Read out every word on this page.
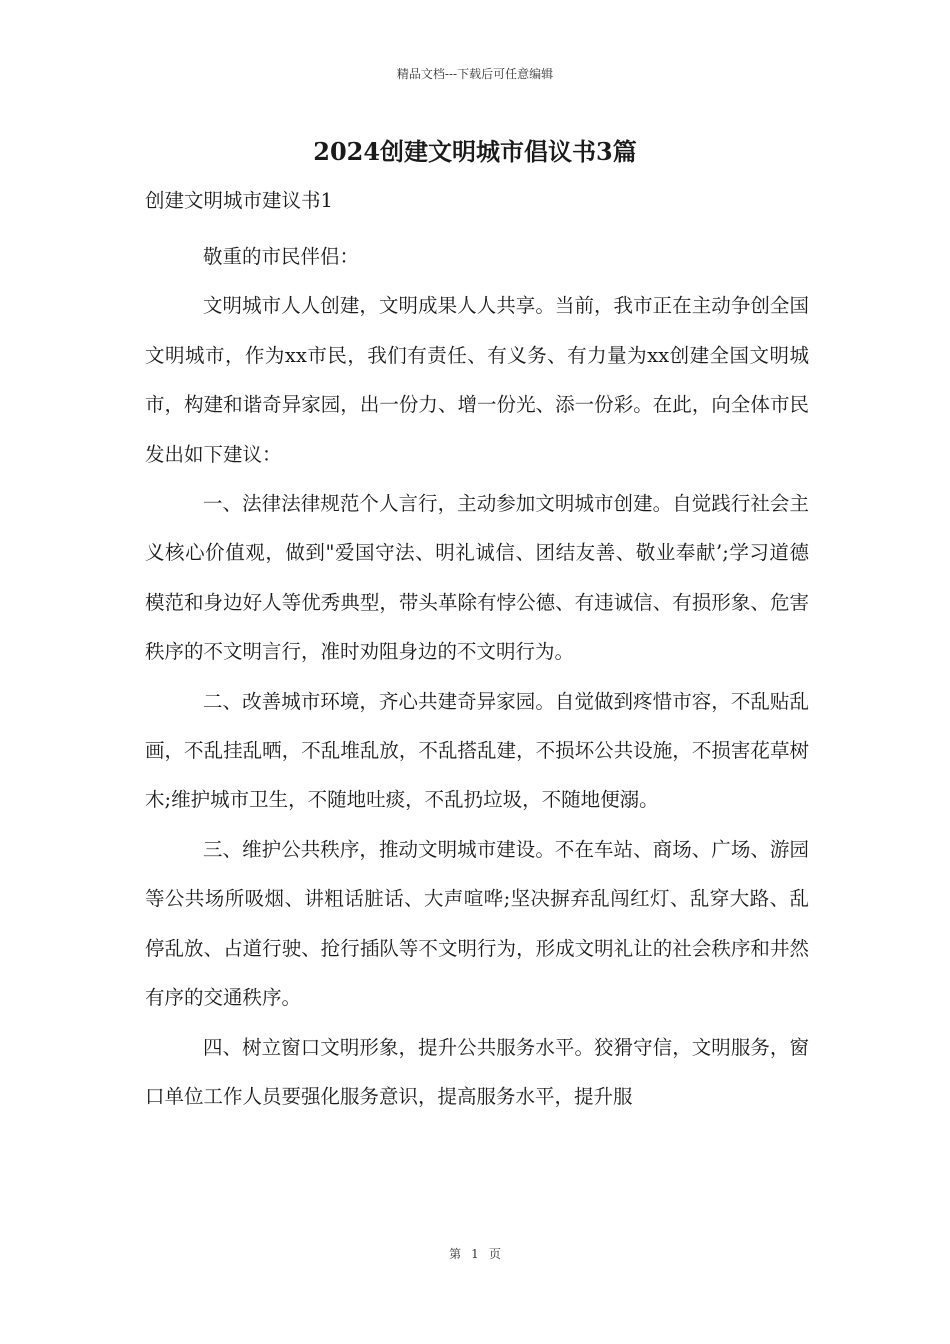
精品文档---下载后可任意编辑
2024创建文明城市倡议书3篇
创建文明城市建议书1

敬重的市民伴侣：

文明城市人人创建，文明成果人人共享。当前，我市正在主动争创全国文明城市，作为xx市民，我们有责任、有义务、有力量为xx创建全国文明城市，构建和谐奇异家园，出一份力、增一份光、添一份彩。在此，向全体市民发出如下建议：

一、法律法律规范个人言行，主动参加文明城市创建。自觉践行社会主义核心价值观，做到"爱国守法、明礼诚信、团结友善、敬业奉献’;学习道德模范和身边好人等优秀典型，带头革除有悖公德、有违诚信、有损形象、危害秩序的不文明言行，准时劝阻身边的不文明行为。

二、改善城市环境，齐心共建奇异家园。自觉做到疼惜市容，不乱贴乱画，不乱挂乱晒，不乱堆乱放，不乱搭乱建，不损坏公共设施，不损害花草树木;维护城市卫生，不随地吐痰，不乱扔垃圾，不随地便溺。

三、维护公共秩序，推动文明城市建设。不在车站、商场、广场、游园等公共场所吸烟、讲粗话脏话、大声喧哗;坚决摒弃乱闯红灯、乱穿大路、乱停乱放、占道行驶、抢行插队等不文明行为，形成文明礼让的社会秩序和井然有序的交通秩序。

四、树立窗口文明形象，提升公共服务水平。狡猾守信，文明服务，窗口单位工作人员要强化服务意识，提高服务水平，提升服

第 1 页
